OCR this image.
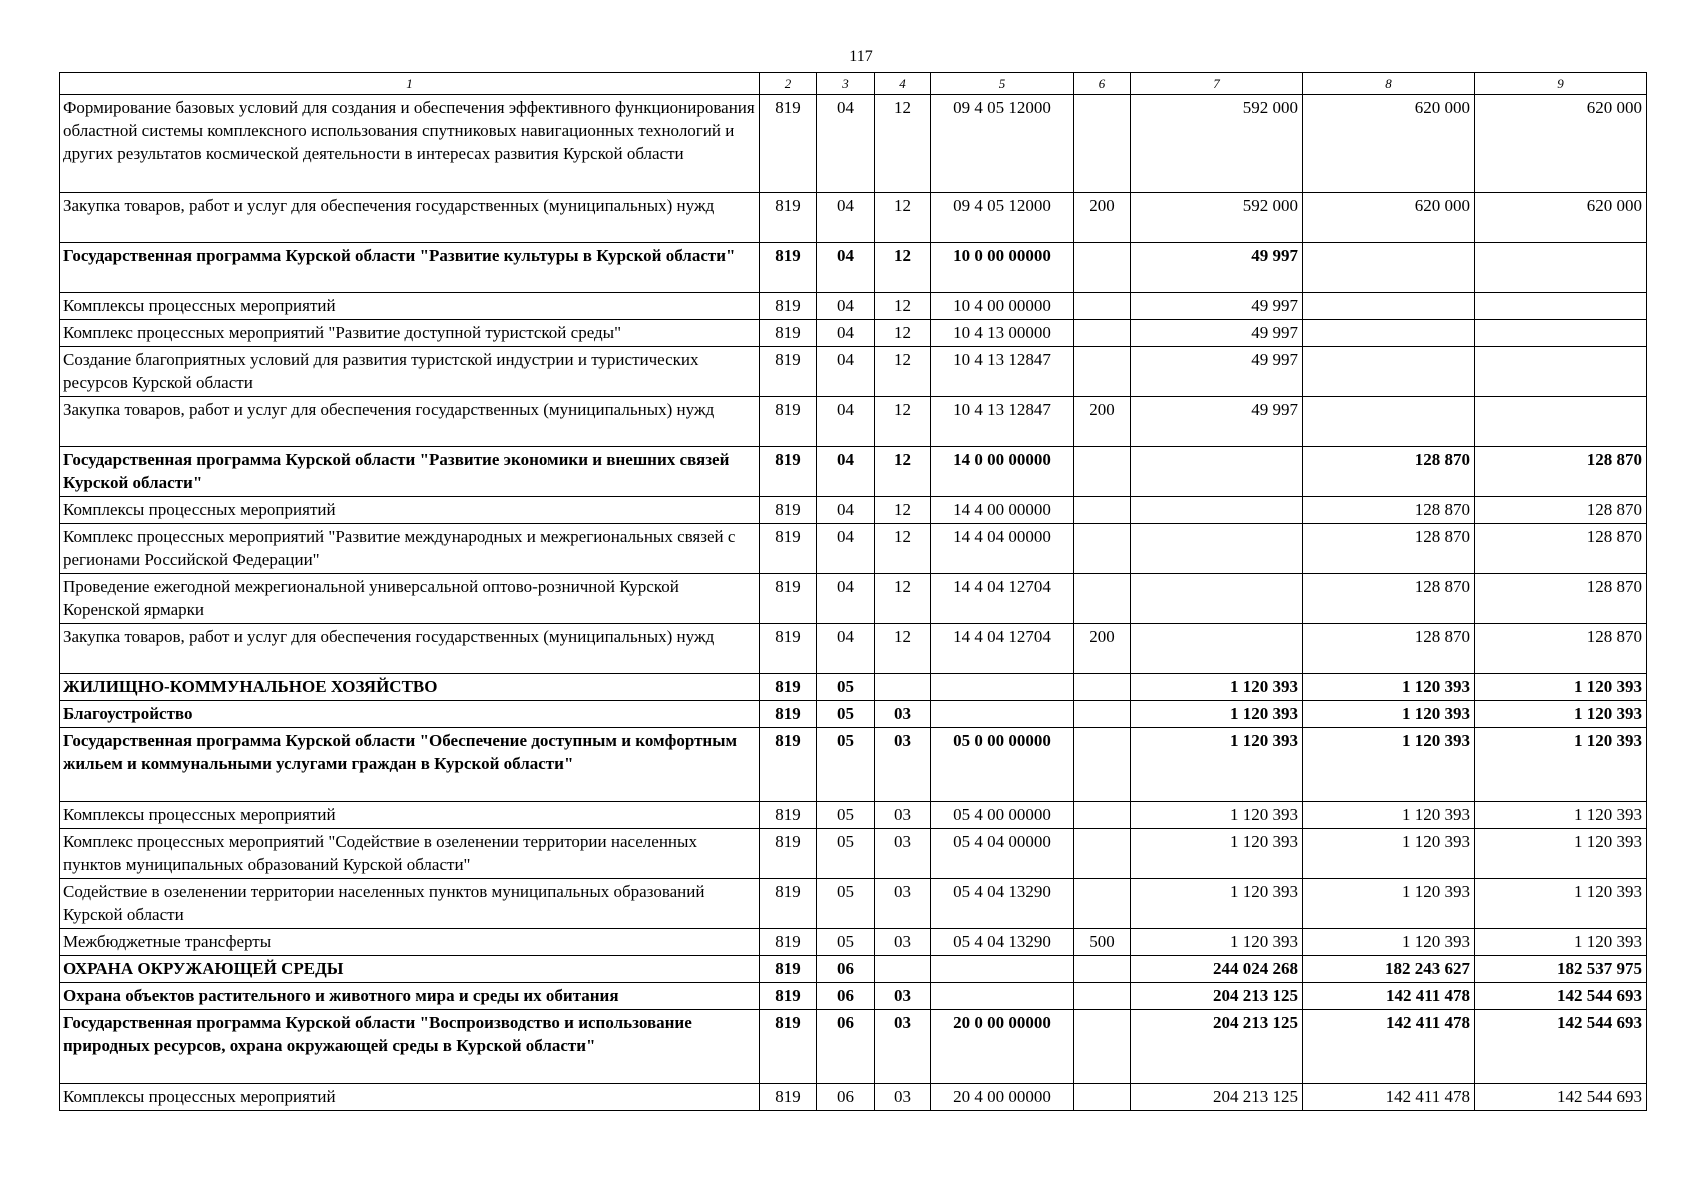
117
1	2	3	4	5	6	7	8	9
Формирование базовых условий для создания и обеспечения эффективного функционирования областной системы комплексного использования спутниковых навигационных технологий и других результатов космической деятельности в интересах развития Курской области	819	04	12	09 4 05 12000		592 000	620 000	620 000
Закупка товаров, работ и услуг для обеспечения государственных (муниципальных) нужд	819	04	12	09 4 05 12000	200	592 000	620 000	620 000
Государственная программа Курской области "Развитие культуры в Курской области"	819	04	12	10 0 00 00000		49 997		
Комплексы процессных мероприятий	819	04	12	10 4 00 00000		49 997		
Комплекс процессных мероприятий "Развитие доступной туристской среды"	819	04	12	10 4 13 00000		49 997		
Создание благоприятных условий для развития туристской индустрии и туристических ресурсов Курской области	819	04	12	10 4 13 12847		49 997		
Закупка товаров, работ и услуг для обеспечения государственных (муниципальных) нужд	819	04	12	10 4 13 12847	200	49 997		
Государственная программа Курской области "Развитие экономики и внешних связей Курской области"	819	04	12	14 0 00 00000			128 870	128 870
Комплексы процессных мероприятий	819	04	12	14 4 00 00000			128 870	128 870
Комплекс процессных мероприятий "Развитие международных и межрегиональных связей с регионами Российской Федерации"	819	04	12	14 4 04 00000			128 870	128 870
Проведение ежегодной межрегиональной универсальной оптово-розничной Курской Коренской ярмарки	819	04	12	14 4 04 12704			128 870	128 870
Закупка товаров, работ и услуг для обеспечения государственных (муниципальных) нужд	819	04	12	14 4 04 12704	200		128 870	128 870
ЖИЛИЩНО-КОММУНАЛЬНОЕ ХОЗЯЙСТВО	819	05				1 120 393	1 120 393	1 120 393
Благоустройство	819	05	03			1 120 393	1 120 393	1 120 393
Государственная программа Курской области "Обеспечение доступным и комфортным жильем и коммунальными услугами граждан в Курской области"	819	05	03	05 0 00 00000		1 120 393	1 120 393	1 120 393
Комплексы процессных мероприятий	819	05	03	05 4 00 00000		1 120 393	1 120 393	1 120 393
Комплекс процессных мероприятий "Содействие в озеленении территории населенных пунктов муниципальных образований Курской области"	819	05	03	05 4 04 00000		1 120 393	1 120 393	1 120 393
Содействие в озеленении территории населенных пунктов муниципальных образований Курской области	819	05	03	05 4 04 13290		1 120 393	1 120 393	1 120 393
Межбюджетные трансферты	819	05	03	05 4 04 13290	500	1 120 393	1 120 393	1 120 393
ОХРАНА ОКРУЖАЮЩЕЙ СРЕДЫ	819	06				244 024 268	182 243 627	182 537 975
Охрана объектов растительного и животного мира и среды их обитания	819	06	03			204 213 125	142 411 478	142 544 693
Государственная программа Курской области "Воспроизводство и использование природных ресурсов, охрана окружающей среды в Курской области"	819	06	03	20 0 00 00000		204 213 125	142 411 478	142 544 693
Комплексы процессных мероприятий	819	06	03	20 4 00 00000		204 213 125	142 411 478	142 544 693
